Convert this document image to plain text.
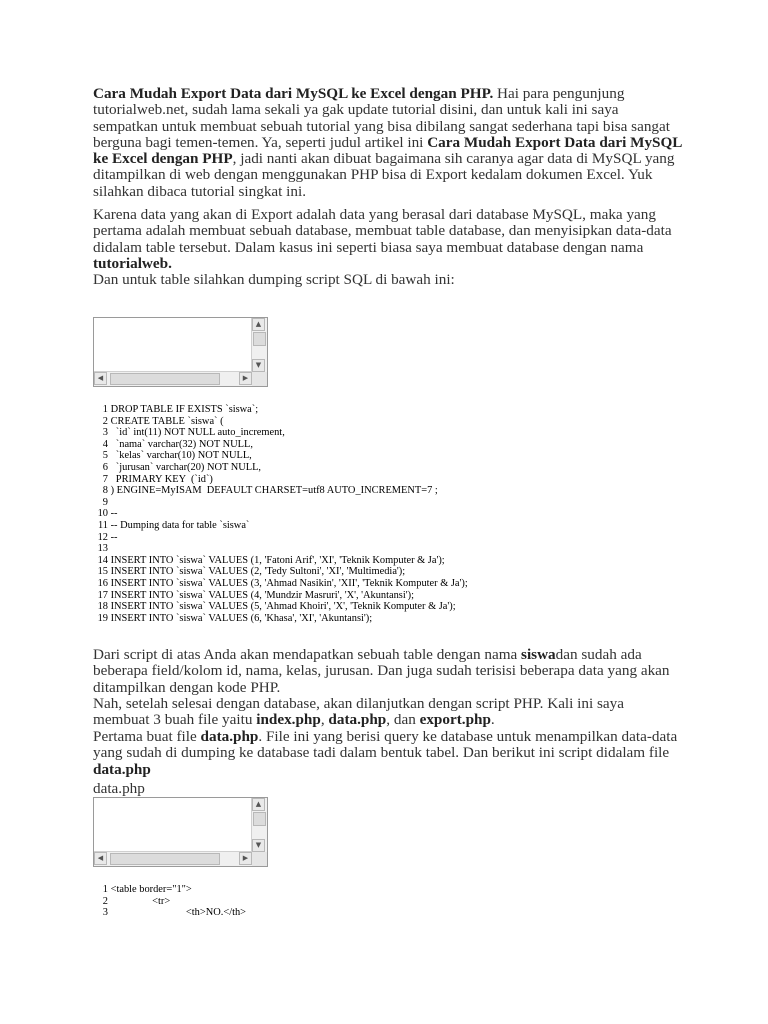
Cara Mudah Export Data dari MySQL ke Excel dengan PHP. Hai para pengunjung tutorialweb.net, sudah lama sekali ya gak update tutorial disini, dan untuk kali ini saya sempatkan untuk membuat sebuah tutorial yang bisa dibilang sangat sederhana tapi bisa sangat berguna bagi temen-temen. Ya, seperti judul artikel ini Cara Mudah Export Data dari MySQL ke Excel dengan PHP, jadi nanti akan dibuat bagaimana sih caranya agar data di MySQL yang ditampilkan di web dengan menggunakan PHP bisa di Export kedalam dokumen Excel. Yuk silahkan dibaca tutorial singkat ini.

Karena data yang akan di Export adalah data yang berasal dari database MySQL, maka yang pertama adalah membuat sebuah database, membuat table database, dan menyisipkan data-data didalam table tersebut. Dalam kasus ini seperti biasa saya membuat database dengan nama tutorialweb.

Dan untuk table silahkan dumping script SQL di bawah ini:

▲
▼
◀	▶
1 DROP TABLE IF EXISTS `siswa`;
2 CREATE TABLE `siswa` (
3   `id` int(11) NOT NULL auto_increment,
4   `nama` varchar(32) NOT NULL,
5   `kelas` varchar(10) NOT NULL,
6   `jurusan` varchar(20) NOT NULL,
7   PRIMARY KEY  (`id`)
8 ) ENGINE=MyISAM  DEFAULT CHARSET=utf8 AUTO_INCREMENT=7 ;
9
10 --
11 -- Dumping data for table `siswa`
12 --
13
14 INSERT INTO `siswa` VALUES (1, 'Fatoni Arif', 'XI', 'Teknik Komputer & Ja');
15 INSERT INTO `siswa` VALUES (2, 'Tedy Sultoni', 'XI', 'Multimedia');
16 INSERT INTO `siswa` VALUES (3, 'Ahmad Nasikin', 'XII', 'Teknik Komputer & Ja');
17 INSERT INTO `siswa` VALUES (4, 'Mundzir Masruri', 'X', 'Akuntansi');
18 INSERT INTO `siswa` VALUES (5, 'Ahmad Khoiri', 'X', 'Teknik Komputer & Ja');
19 INSERT INTO `siswa` VALUES (6, 'Khasa', 'XI', 'Akuntansi');

Dari script di atas Anda akan mendapatkan sebuah table dengan nama siswadan sudah ada beberapa field/kolom id, nama, kelas, jurusan. Dan juga sudah terisisi beberapa data yang akan ditampilkan dengan kode PHP.

Nah, setelah selesai dengan database, akan dilanjutkan dengan script PHP. Kali ini saya membuat 3 buah file yaitu index.php, data.php, dan export.php.

Pertama buat file data.php. File ini yang berisi query ke database untuk menampilkan data-data yang sudah di dumping ke database tadi dalam bentuk tabel. Dan berikut ini script didalam file data.php

data.php
▲
▼
◀	▶
1 <table border="1">
2                 <tr>
3                              <th>NO.</th>
